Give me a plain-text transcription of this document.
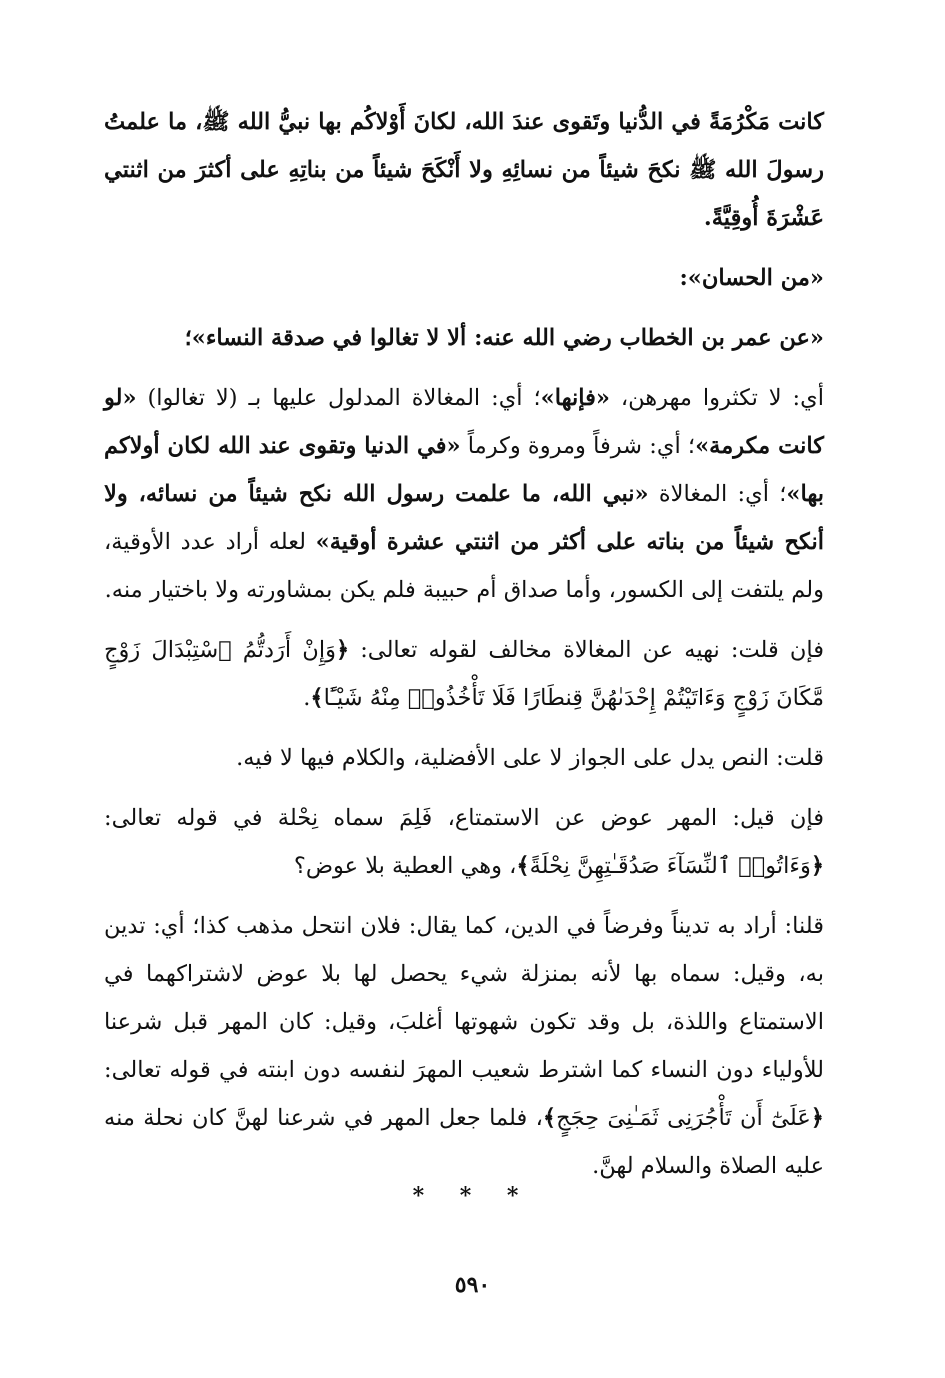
كانت مَكْرُمَةً في الدُّنيا وتَقوى عندَ الله، لكانَ أَوْلاكُم بها نبيُّ الله ﷺ، ما علمتُ رسولَ الله ﷺ نكحَ شيئاً من نسائِهِ ولا أَنْكَحَ شيئاً من بناتِهِ على أكثرَ من اثنتي عَشْرَةَ أُوقِيَّةً.

«من الحسان»:

«عن عمر بن الخطاب رضي الله عنه: ألا لا تغالوا في صدقة النساء»؛

أي: لا تكثروا مهرهن، «فإنها»؛ أي: المغالاة المدلول عليها بـ (لا تغالوا) «لو كانت مكرمة»؛ أي: شرفاً ومروة وكرماً «في الدنيا وتقوى عند الله لكان أولاكم بها»؛ أي: المغالاة «نبي الله، ما علمت رسول الله نكح شيئاً من نسائه، ولا أنكح شيئاً من بناته على أكثر من اثنتي عشرة أوقية» لعله أراد عدد الأوقية، ولم يلتفت إلى الكسور، وأما صداق أم حبيبة فلم يكن بمشاورته ولا باختيار منه.

فإن قلت: نهيه عن المغالاة مخالف لقوله تعالى: ﴿وَإِنْ أَرَدتُّمُ ٱسْتِبْدَالَ زَوْجٍ مَّكَانَ زَوْجٍ وَءَاتَيْتُمْ إِحْدَىٰهُنَّ قِنطَارًا فَلَا تَأْخُذُوا۟ مِنْهُ شَيْـًٔا﴾.

قلت: النص يدل على الجواز لا على الأفضلية، والكلام فيها لا فيه.

فإن قيل: المهر عوض عن الاستمتاع، فَلِمَ سماه نِحْلة في قوله تعالى: ﴿وَءَاتُوا۟ ٱلنِّسَآءَ صَدُقَـٰتِهِنَّ نِحْلَةً﴾، وهي العطية بلا عوض؟

قلنا: أراد به تديناً وفرضاً في الدين، كما يقال: فلان انتحل مذهب كذا؛ أي: تدين به، وقيل: سماه بها لأنه بمنزلة شيء يحصل لها بلا عوض لاشتراكهما في الاستمتاع واللذة، بل وقد تكون شهوتها أغلبَ، وقيل: كان المهر قبل شرعنا للأولياء دون النساء كما اشترط شعيب المهرَ لنفسه دون ابنته في قوله تعالى: ﴿عَلَىٰٓ أَن تَأْجُرَنِى ثَمَـٰنِىَ حِجَجٍ﴾، فلما جعل المهر في شرعنا لهنَّ كان نحلة منه عليه الصلاة والسلام لهنَّ.

* * *
٥٩٠
